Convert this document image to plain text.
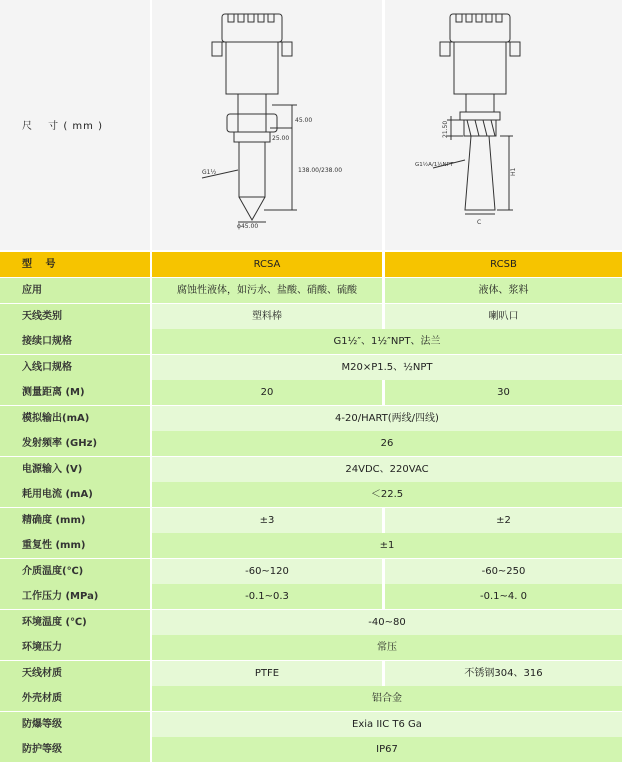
尺　 寸 ( mm )
45.00
25.00
138.00/238.00
G1½
ϕ45.00
21.50
G1½A/1½NPT
H1
C
型　 号	RCSA	RCSB
应用	腐蚀性液体，如污水、盐酸、硝酸、硫酸	液体、浆料
天线类别	塑料棒	喇叭口
接续口规格	G1½″、1½″NPT、法兰
入线口规格	M20×P1.5、½NPT
测量距离 (M)	20	30
模拟输出(mA)	4-20/HART(两线/四线)
发射频率 (GHz)	26
电源输入 (V)	24VDC、220VAC
耗用电流 (mA)	＜22.5
精确度 (mm)	±3	±2
重复性 (mm)	±1
介质温度(℃)	-60~120	-60~250
工作压力 (MPa)	-0.1~0.3	-0.1~4. 0
环境温度 (℃)	-40~80
环境压力	常压
天线材质	PTFE	不锈钢304、316
外壳材质	铝合金
防爆等级	Exia IIC T6 Ga
防护等级	IP67
